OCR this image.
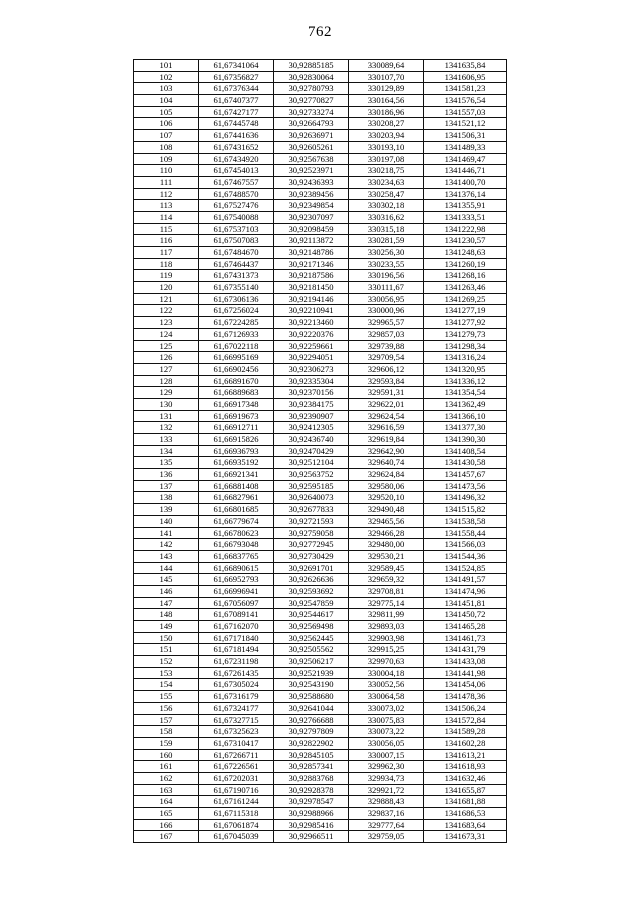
762
101	61,67341064	30,92885185	330089,64	1341635,84
102	61,67356827	30,92830064	330107,70	1341606,95
103	61,67376344	30,92780793	330129,89	1341581,23
104	61,67407377	30,92770827	330164,56	1341576,54
105	61,67427177	30,92733274	330186,96	1341557,03
106	61,67445748	30,92664793	330208,27	1341521,12
107	61,67441636	30,92636971	330203,94	1341506,31
108	61,67431652	30,92605261	330193,10	1341489,33
109	61,67434920	30,92567638	330197,08	1341469,47
110	61,67454013	30,92523971	330218,75	1341446,71
111	61,67467557	30,92436393	330234,63	1341400,70
112	61,67488570	30,92389456	330258,47	1341376,14
113	61,67527476	30,92349854	330302,18	1341355,91
114	61,67540088	30,92307097	330316,62	1341333,51
115	61,67537103	30,92098459	330315,18	1341222,98
116	61,67507083	30,92113872	330281,59	1341230,57
117	61,67484670	30,92148786	330256,30	1341248,63
118	61,67464437	30,92171346	330233,55	1341260,19
119	61,67431373	30,92187586	330196,56	1341268,16
120	61,67355140	30,92181450	330111,67	1341263,46
121	61,67306136	30,92194146	330056,95	1341269,25
122	61,67256024	30,92210941	330000,96	1341277,19
123	61,67224285	30,92213460	329965,57	1341277,92
124	61,67126933	30,92220376	329857,03	1341279,73
125	61,67022118	30,92259661	329739,88	1341298,34
126	61,66995169	30,92294051	329709,54	1341316,24
127	61,66902456	30,92306273	329606,12	1341320,95
128	61,66891670	30,92335304	329593,84	1341336,12
129	61,66889683	30,92370156	329591,31	1341354,54
130	61,66917348	30,92384175	329622,01	1341362,49
131	61,66919673	30,92390907	329624,54	1341366,10
132	61,66912711	30,92412305	329616,59	1341377,30
133	61,66915826	30,92436740	329619,84	1341390,30
134	61,66936793	30,92470429	329642,90	1341408,54
135	61,66935192	30,92512104	329640,74	1341430,58
136	61,66921341	30,92563752	329624,84	1341457,67
137	61,66881408	30,92595185	329580,06	1341473,56
138	61,66827961	30,92640073	329520,10	1341496,32
139	61,66801685	30,92677833	329490,48	1341515,82
140	61,66779674	30,92721593	329465,56	1341538,58
141	61,66780623	30,92759058	329466,28	1341558,44
142	61,66793048	30,92772945	329480,00	1341566,03
143	61,66837765	30,92730429	329530,21	1341544,36
144	61,66890615	30,92691701	329589,45	1341524,85
145	61,66952793	30,92626636	329659,32	1341491,57
146	61,66996941	30,92593692	329708,81	1341474,96
147	61,67056097	30,92547859	329775,14	1341451,81
148	61,67089141	30,92544617	329811,99	1341450,72
149	61,67162070	30,92569498	329893,03	1341465,28
150	61,67171840	30,92562445	329903,98	1341461,73
151	61,67181494	30,92505562	329915,25	1341431,79
152	61,67231198	30,92506217	329970,63	1341433,08
153	61,67261435	30,92521939	330004,18	1341441,98
154	61,67305024	30,92543190	330052,56	1341454,06
155	61,67316179	30,92588680	330064,58	1341478,36
156	61,67324177	30,92641044	330073,02	1341506,24
157	61,67327715	30,92766688	330075,83	1341572,84
158	61,67325623	30,92797809	330073,22	1341589,28
159	61,67310417	30,92822902	330056,05	1341602,28
160	61,67266711	30,92845105	330007,15	1341613,21
161	61,67226561	30,92857341	329962,30	1341618,93
162	61,67202031	30,92883768	329934,73	1341632,46
163	61,67190716	30,92928378	329921,72	1341655,87
164	61,67161244	30,92978547	329888,43	1341681,88
165	61,67115318	30,92988966	329837,16	1341686,53
166	61,67061874	30,92985416	329777,64	1341683,64
167	61,67045039	30,92966511	329759,05	1341673,31
